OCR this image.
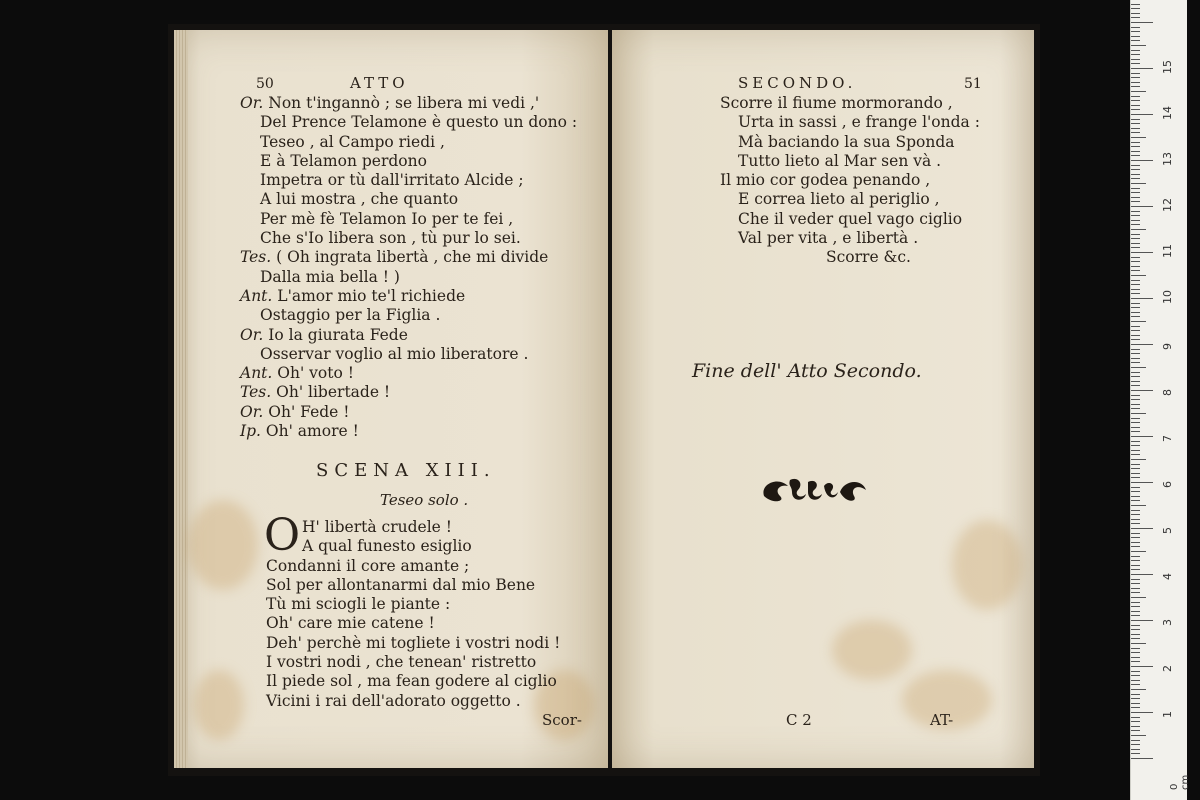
50	ATTO
Or. Non t'ingannò ; se libera mi vedi ,'
Del Prence Telamone è questo un dono :
Teseo , al Campo riedi ,
E à Telamon perdono
Impetra or tù dall'irritato Alcide ;
A lui mostra , che quanto
Per mè fè Telamon Io per te fei ,
Che s'Io libera son , tù pur lo sei.
Tes. ( Oh ingrata libertà , che mi divide
Dalla mia bella ! )
Ant. L'amor mio te'l richiede
Ostaggio per la Figlia .
Or. Io la giurata Fede
Osservar voglio al mio liberatore .
Ant. Oh' voto !
Tes. Oh' libertade !
Or. Oh' Fede !
Ip. Oh' amore !
SCENA XIII.
Teseo solo .
O H' libertà crudele !
A qual funesto esiglio
Condanni il core amante ;
Sol per allontanarmi dal mio Bene
Tù mi sciogli le piante :
Oh' care mie catene !
Deh' perchè mi togliete i vostri nodi !
I vostri nodi , che tenean' ristretto
Il piede sol , ma fean godere al ciglio
Vicini i rai dell'adorato oggetto .
Scor-
SECONDO.	51
Scorre il fiume mormorando ,
Urta in sassi , e frange l'onda :
Mà baciando la sua Sponda
Tutto lieto al Mar sen và .
Il mio cor godea penando ,
E correa lieto al periglio ,
Che il veder quel vago ciglio
Val per vita , e libertà .
Scorre &c.
Fine dell' Atto Secondo.
C 2	AT-
0 cm
1
2
3
4
5
6
7
8
9
10
11
12
13
14
15
